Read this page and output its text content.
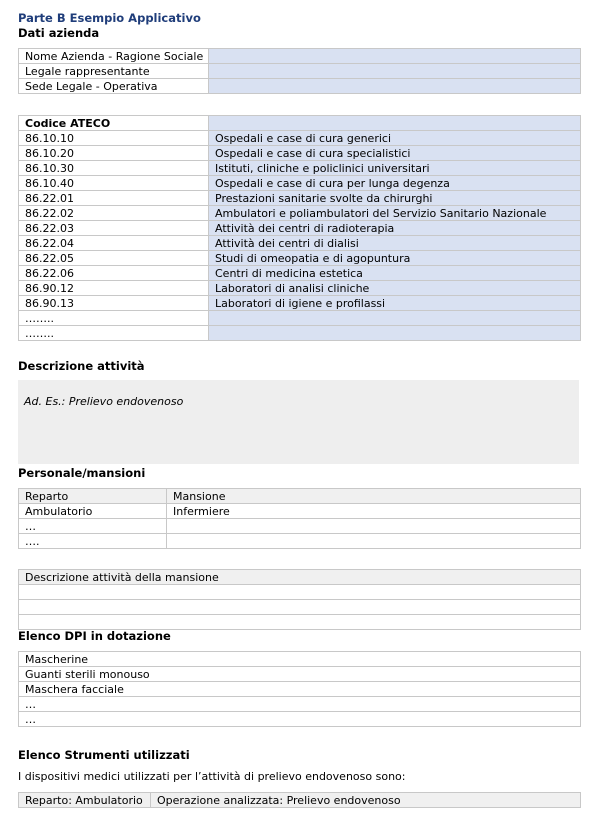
Parte B Esempio Applicativo
Dati azienda
Nome Azienda - Ragione Sociale	
Legale rappresentante	
Sede Legale - Operativa	
Codice ATECO	
86.10.10	Ospedali e case di cura generici
86.10.20	Ospedali e case di cura specialistici
86.10.30	Istituti, cliniche e policlinici universitari
86.10.40	Ospedali e case di cura per lunga degenza
86.22.01	Prestazioni sanitarie svolte da chirurghi
86.22.02	Ambulatori e poliambulatori del Servizio Sanitario Nazionale
86.22.03	Attività dei centri di radioterapia
86.22.04	Attività dei centri di dialisi
86.22.05	Studi di omeopatia e di agopuntura
86.22.06	Centri di medicina estetica
86.90.12	Laboratori di analisi cliniche
86.90.13	Laboratori di igiene e profilassi
……..	
……..	
Descrizione attività
Ad. Es.: Prelievo endovenoso
Personale/mansioni
Reparto	Mansione
Ambulatorio	Infermiere
…	
….	
Descrizione attività della mansione

Elenco DPI in dotazione
Mascherine
Guanti sterili monouso
Maschera facciale
…
…
Elenco Strumenti utilizzati
I dispositivi medici utilizzati per l’attività di prelievo endovenoso sono:
Reparto: Ambulatorio	Operazione analizzata: Prelievo endovenoso
